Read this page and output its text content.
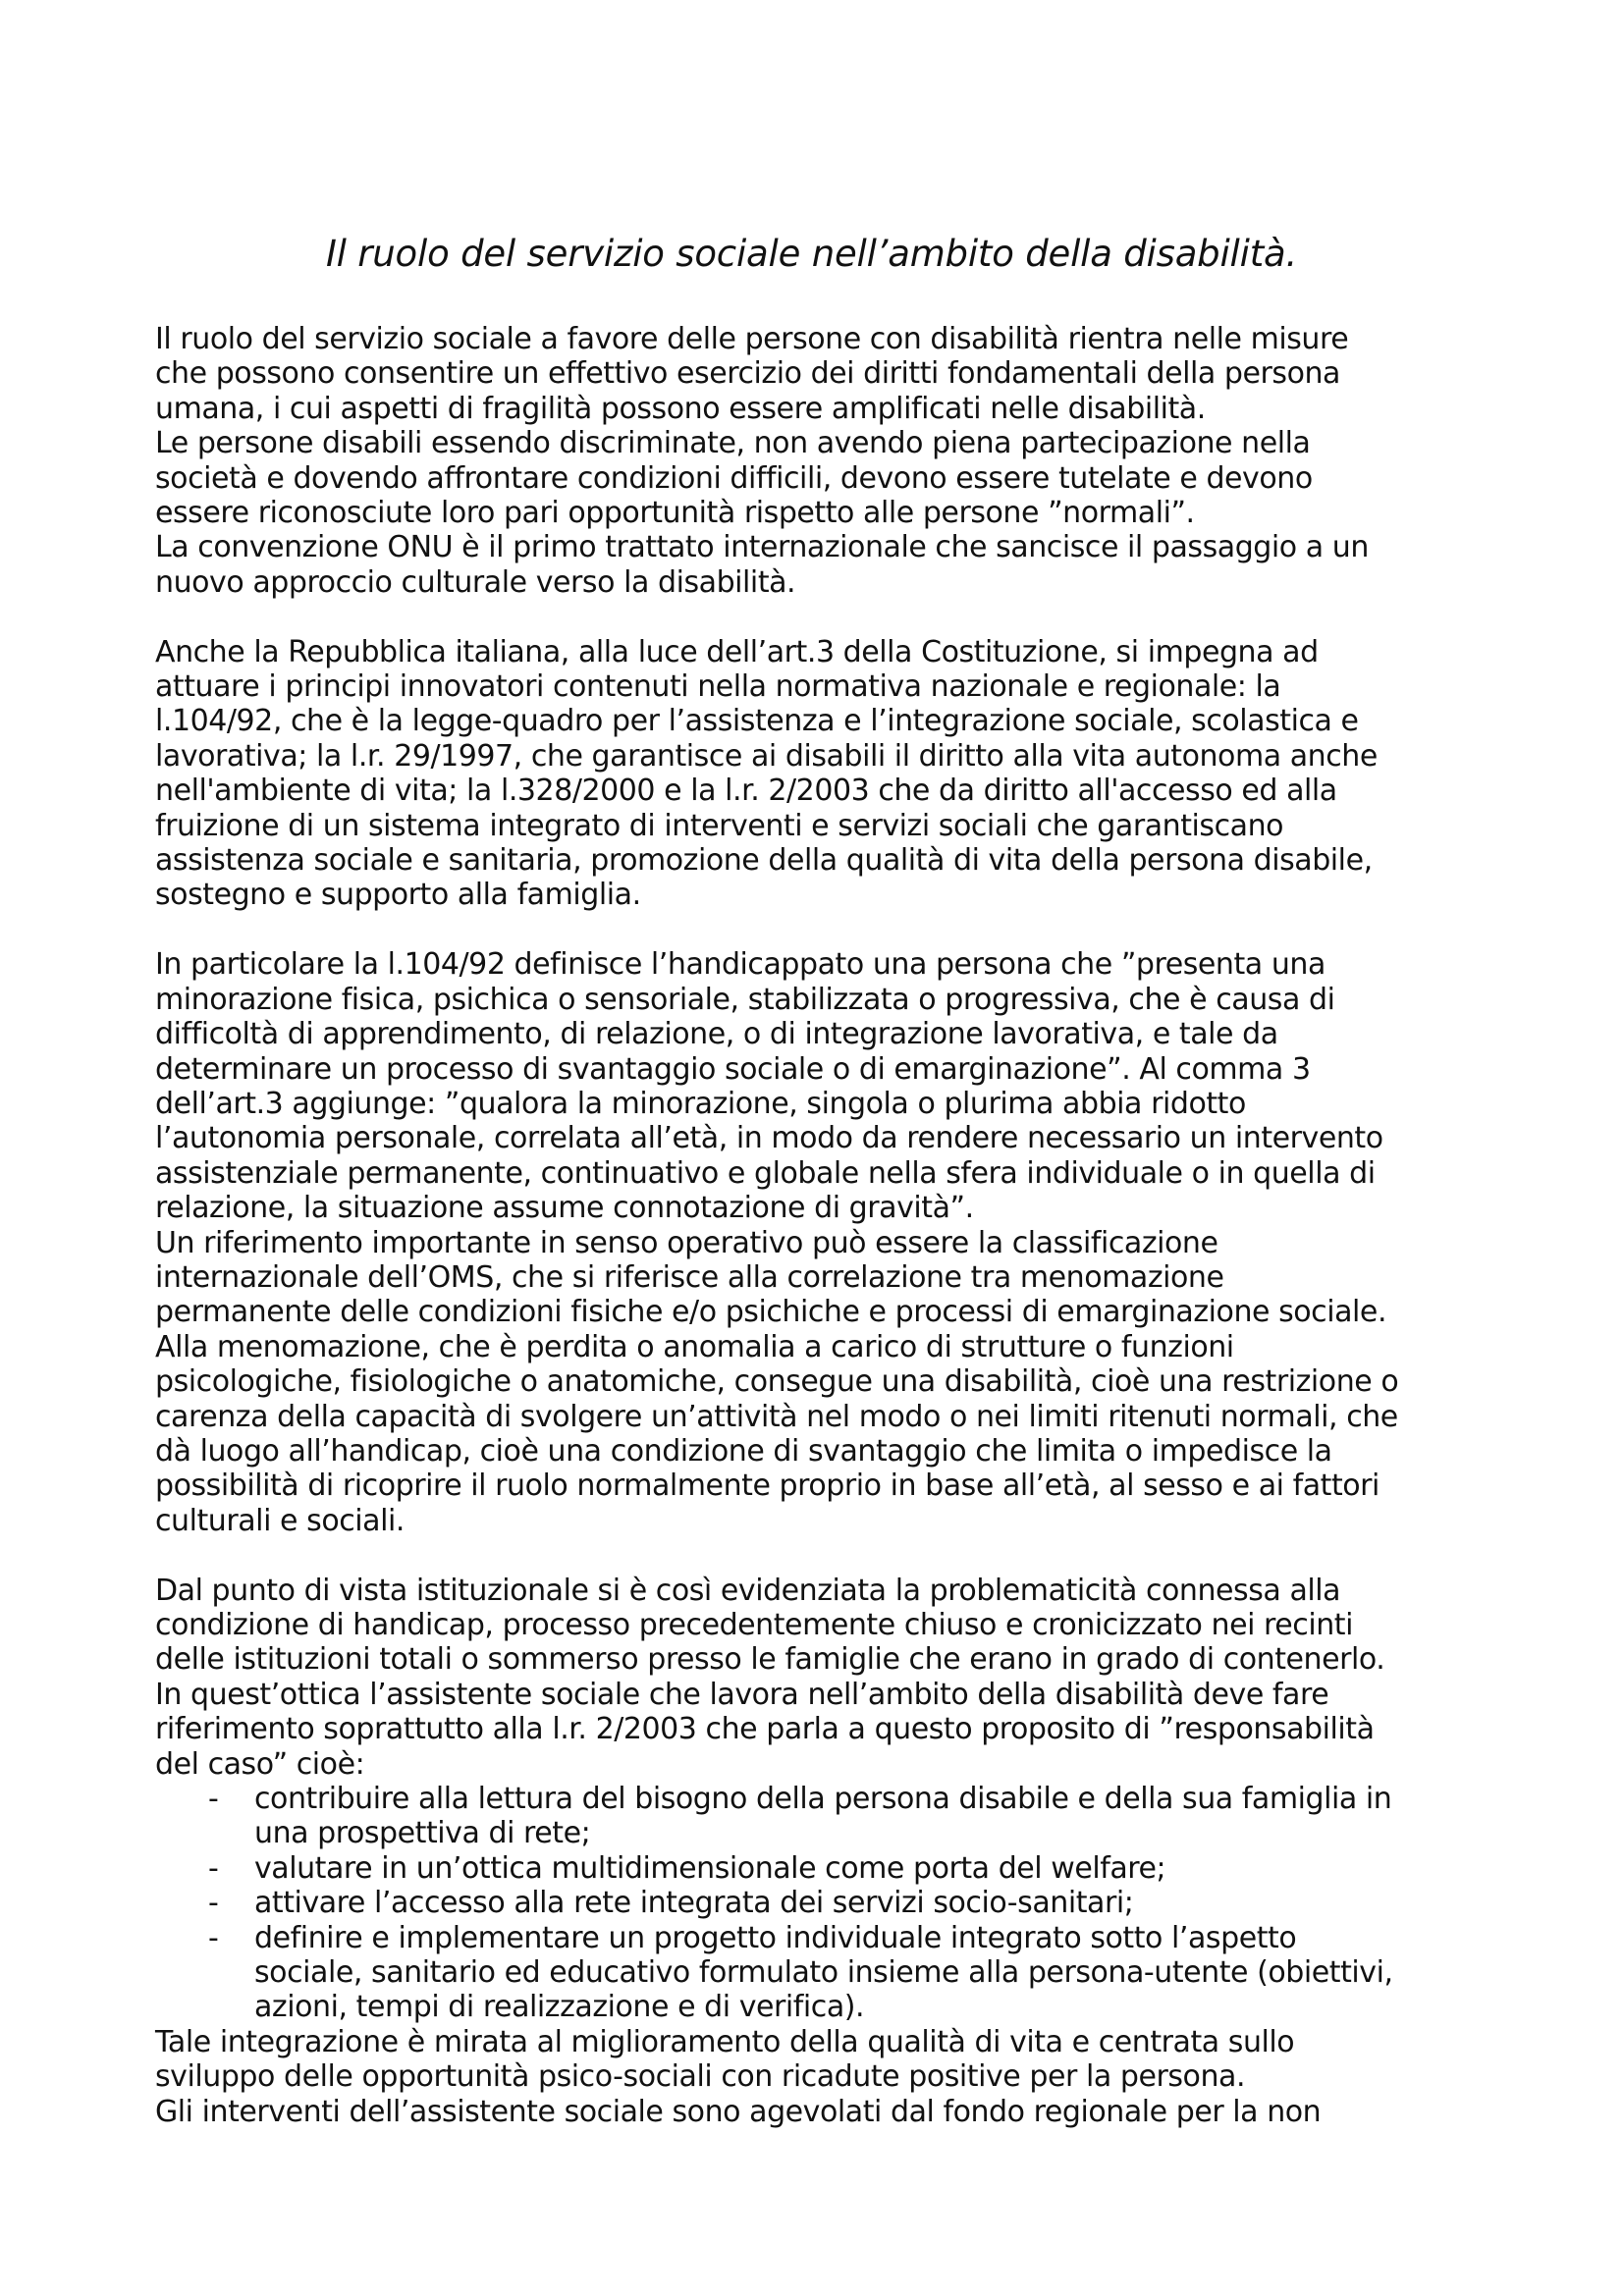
Il ruolo del servizio sociale nell’ambito della disabilità.
Il ruolo del servizio sociale a favore delle persone con disabilità rientra nelle misure
che possono consentire un effettivo esercizio dei diritti fondamentali della persona
umana, i cui aspetti di fragilità possono essere amplificati nelle disabilità.
Le persone disabili essendo discriminate, non avendo piena partecipazione nella
società e dovendo affrontare condizioni difficili, devono essere tutelate e devono
essere riconosciute loro pari opportunità rispetto alle persone ”normali”.
La convenzione ONU è il primo trattato internazionale che sancisce il passaggio a un
nuovo approccio culturale verso la disabilità.
Anche la Repubblica italiana, alla luce dell’art.3 della Costituzione, si impegna ad
attuare i principi innovatori contenuti nella normativa nazionale e regionale: la
l.104/92, che è la legge-quadro per l’assistenza e l’integrazione sociale, scolastica e
lavorativa; la l.r. 29/1997, che garantisce ai disabili il diritto alla vita autonoma anche
nell'ambiente di vita; la l.328/2000 e la l.r. 2/2003 che da diritto all'accesso ed alla
fruizione di un sistema integrato di interventi e servizi sociali che garantiscano
assistenza sociale e sanitaria, promozione della qualità di vita della persona disabile,
sostegno e supporto alla famiglia.
In particolare la l.104/92 definisce l’handicappato una persona che ”presenta una
minorazione fisica, psichica o sensoriale, stabilizzata o progressiva, che è causa di
difficoltà di apprendimento, di relazione, o di integrazione lavorativa, e tale da
determinare un processo di svantaggio sociale o di emarginazione”. Al comma 3
dell’art.3 aggiunge: ”qualora la minorazione, singola o plurima abbia ridotto
l’autonomia personale, correlata all’età, in modo da rendere necessario un intervento
assistenziale permanente, continuativo e globale nella sfera individuale o in quella di
relazione, la situazione assume connotazione di gravità”.
Un riferimento importante in senso operativo può essere la classificazione
internazionale dell’OMS, che si riferisce alla correlazione tra menomazione
permanente delle condizioni fisiche e/o psichiche e processi di emarginazione sociale.
Alla menomazione, che è perdita o anomalia a carico di strutture o funzioni
psicologiche, fisiologiche o anatomiche, consegue una disabilità, cioè una restrizione o
carenza della capacità di svolgere un’attività nel modo o nei limiti ritenuti normali, che
dà luogo all’handicap, cioè una condizione di svantaggio che limita o impedisce la
possibilità di ricoprire il ruolo normalmente proprio in base all’età, al sesso e ai fattori
culturali e sociali.
Dal punto di vista istituzionale si è così evidenziata la problematicità connessa alla
condizione di handicap, processo precedentemente chiuso e cronicizzato nei recinti
delle istituzioni totali o sommerso presso le famiglie che erano in grado di contenerlo.
In quest’ottica l’assistente sociale che lavora nell’ambito della disabilità deve fare
riferimento soprattutto alla l.r. 2/2003 che parla a questo proposito di ”responsabilità
del caso” cioè:
- contribuire alla lettura del bisogno della persona disabile e della sua famiglia in
una prospettiva di rete;
- valutare in un’ottica multidimensionale come porta del welfare;
- attivare l’accesso alla rete integrata dei servizi socio-sanitari;
- definire e implementare un progetto individuale integrato sotto l’aspetto
sociale, sanitario ed educativo formulato insieme alla persona-utente (obiettivi,
azioni, tempi di realizzazione e di verifica).
Tale integrazione è mirata al miglioramento della qualità di vita e centrata sullo
sviluppo delle opportunità psico-sociali con ricadute positive per la persona.
Gli interventi dell’assistente sociale sono agevolati dal fondo regionale per la non
